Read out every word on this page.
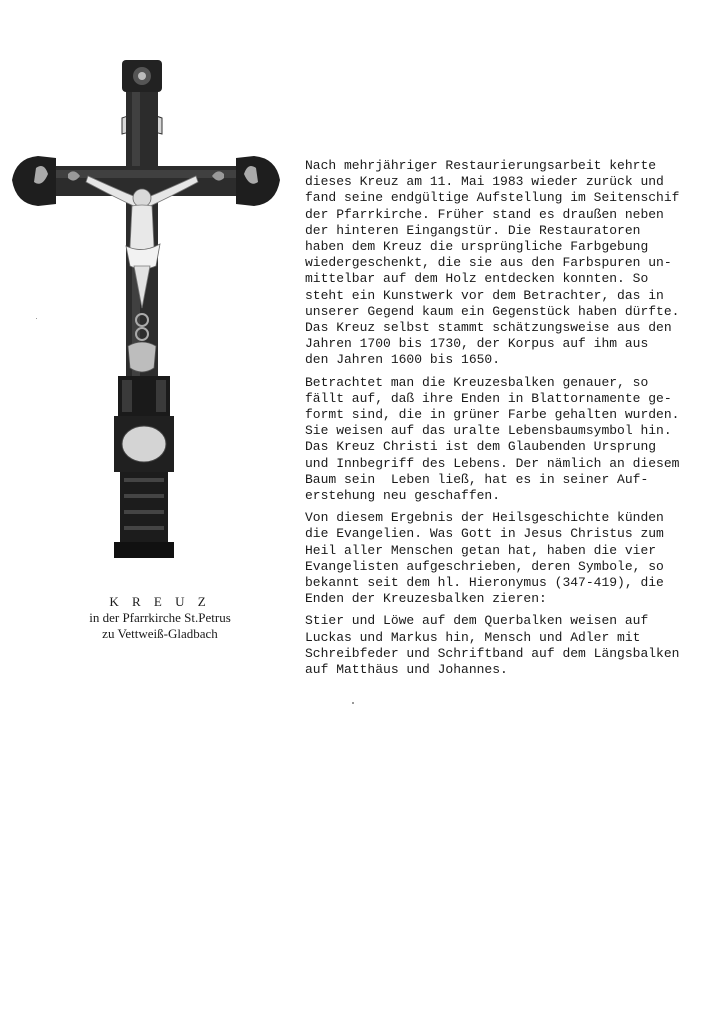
K R E U Z
in der Pfarrkirche St.Petrus
zu Vettweiß-Gladbach

Nach mehrjähriger Restaurierungsarbeit kehrte
dieses Kreuz am 11. Mai 1983 wieder zurück und
fand seine endgültige Aufstellung im Seitenschif
der Pfarrkirche. Früher stand es draußen neben
der hinteren Eingangstür. Die Restauratoren
haben dem Kreuz die ursprüngliche Farbgebung
wiedergeschenkt, die sie aus den Farbspuren un-
mittelbar auf dem Holz entdecken konnten. So
steht ein Kunstwerk vor dem Betrachter, das in
unserer Gegend kaum ein Gegenstück haben dürfte.
Das Kreuz selbst stammt schätzungsweise aus den
Jahren 1700 bis 1730, der Korpus auf ihm aus
den Jahren 1600 bis 1650.

Betrachtet man die Kreuzesbalken genauer, so
fällt auf, daß ihre Enden in Blattornamente ge-
formt sind, die in grüner Farbe gehalten wurden.
Sie weisen auf das uralte Lebensbaumsymbol hin.
Das Kreuz Christi ist dem Glaubenden Ursprung
und Innbegriff des Lebens. Der nämlich an diesem
Baum sein  Leben ließ, hat es in seiner Auf-
erstehung neu geschaffen.

Von diesem Ergebnis der Heilsgeschichte künden
die Evangelien. Was Gott in Jesus Christus zum
Heil aller Menschen getan hat, haben die vier
Evangelisten aufgeschrieben, deren Symbole, so
bekannt seit dem hl. Hieronymus (347-419), die
Enden der Kreuzesbalken zieren:

Stier und Löwe auf dem Querbalken weisen auf
Luckas und Markus hin, Mensch und Adler mit
Schreibfeder und Schriftband auf dem Längsbalken
auf Matthäus und Johannes.
